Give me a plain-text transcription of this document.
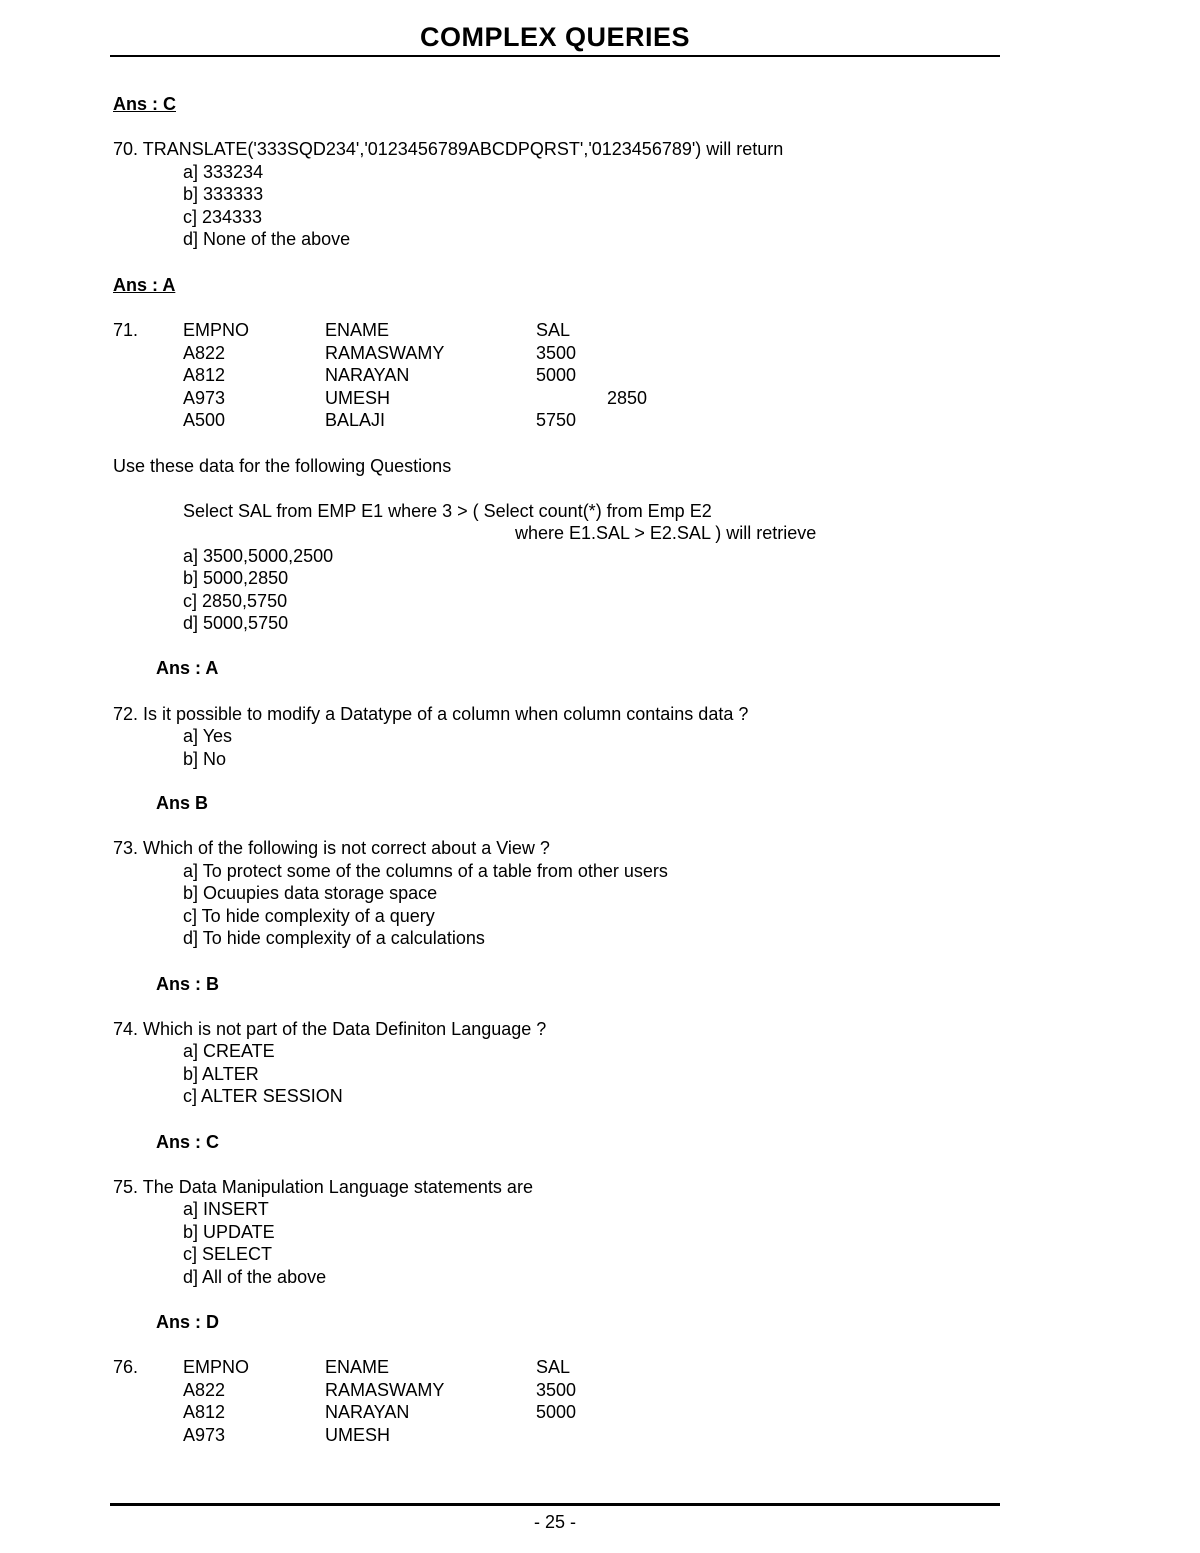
COMPLEX QUERIES
Ans : C
70. TRANSLATE('333SQD234','0123456789ABCDPQRST','0123456789') will return
a] 333234
b] 333333
c] 234333
d] None of the above
Ans : A
71. EMPNO	ENAME	SAL
A822	RAMASWAMY	3500
A812	NARAYAN	5000
A973	UMESH	2850
A500	BALAJI	5750
Use these data for the following Questions
Select SAL from EMP E1 where 3 > ( Select count(*) from Emp E2
where E1.SAL > E2.SAL ) will retrieve
a] 3500,5000,2500
b] 5000,2850
c] 2850,5750
d] 5000,5750
Ans : A
72. Is it possible to modify a Datatype of a column when column contains data ?
a] Yes
b] No
Ans B
73. Which of the following is not correct about a View ?
a] To protect some of the columns of a table from other users
b] Ocuupies data storage space
c] To hide complexity of a query
d] To hide complexity of a calculations
Ans : B
74. Which is not part of the Data Definiton Language ?
a] CREATE
b] ALTER
c] ALTER SESSION
Ans : C
75. The Data Manipulation Language statements are
a] INSERT
b] UPDATE
c] SELECT
d] All of the above
Ans : D
76. EMPNO	ENAME	SAL
A822	RAMASWAMY	3500
A812	NARAYAN	5000
A973	UMESH
- 25 -
